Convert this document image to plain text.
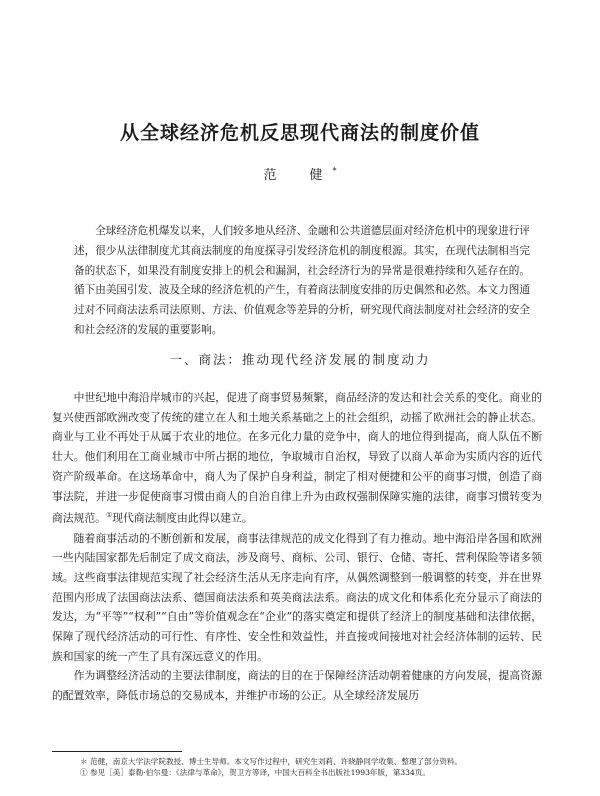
从全球经济危机反思现代商法的制度价值
范　健*

全球经济危机爆发以来，人们较多地从经济、金融和公共道德层面对经济危机中的现象进行评述，很少从法律制度尤其商法制度的角度探寻引发经济危机的制度根源。其实，在现代法制相当完备的状态下，如果没有制度安排上的机会和漏洞，社会经济行为的异常是很难持续和久延存在的。循下由美国引发、波及全球的经济危机的产生，有着商法制度安排的历史偶然和必然。本文力图通过对不同商法法系司法原则、方法、价值观念等差异的分析，研究现代商法制度对社会经济的安全和社会经济的发展的重要影响。

一、商法：推动现代经济发展的制度动力

中世纪地中海沿岸城市的兴起，促进了商事贸易频繁，商品经济的发达和社会关系的变化。商业的复兴使西部欧洲改变了传统的建立在人和土地关系基础之上的社会组织，动摇了欧洲社会的静止状态。商业与工业不再处于从属于农业的地位。在多元化力量的竞争中，商人的地位得到提高，商人队伍不断壮大。他们利用在工商业城市中所占据的地位，争取城市自治权，导致了以商人革命为实质内容的近代资产阶级革命。在这场革命中，商人为了保护自身利益，制定了相对便捷和公平的商事习惯，创造了商事法院，并进一步促使商事习惯由商人的自治自律上升为由政权强制保障实施的法律，商事习惯转变为商法规范。①现代商法制度由此得以建立。

随着商事活动的不断创新和发展，商事法律规范的成文化得到了有力推动。地中海沿岸各国和欧洲一些内陆国家都先后制定了成文商法，涉及商号、商标、公司、银行、仓储、寄托、营利保险等诸多领域。这些商事法律规范实现了社会经济生活从无序走向有序，从偶然调整到一般调整的转变，并在世界范围内形成了法国商法法系、德国商法法系和英美商法法系。商法的成文化和体系化充分显示了商法的发达，为“平等”“权利”“自由”等价值观念在“企业”的落实奠定和提供了经济上的制度基础和法律依据，保障了现代经济活动的可行性、有序性、安全性和效益性，并直接或间接地对社会经济体制的运转、民族和国家的统一产生了具有深远意义的作用。

作为调整经济活动的主要法律制度，商法的目的在于保障经济活动朝着健康的方向发展，提高资源的配置效率，降低市场总的交易成本，并维护市场的公正。从全球经济发展历

＊ 范健，南京大学法学院教授、博士生导师。本文写作过程中，研究生刘莉、许晓静同学收集、整理了部分资料。

① 参见［美］泰勒·伯尔曼：《法律与革命》，贺卫方等译，中国大百科全书出版社1993年版，第334页。
